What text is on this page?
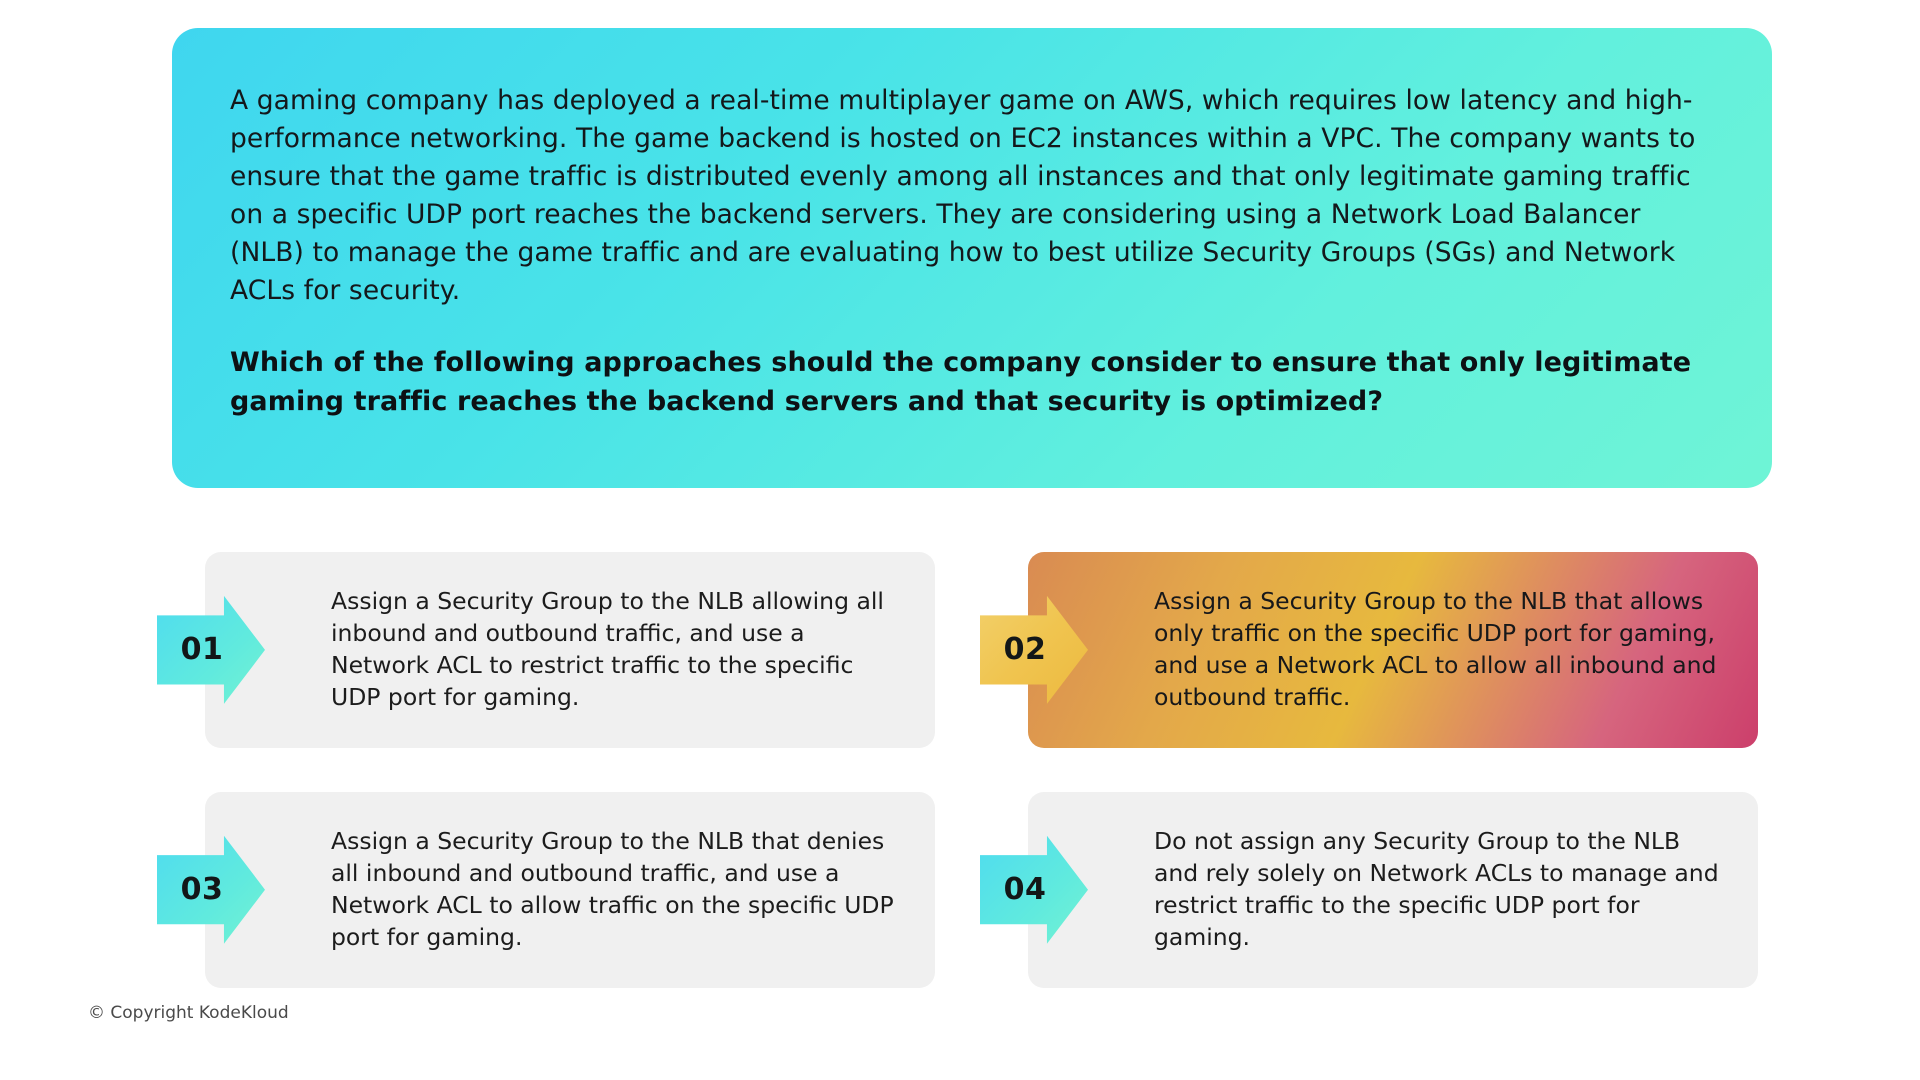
A gaming company has deployed a real-time multiplayer game on AWS, which requires low latency and high-performance networking. The game backend is hosted on EC2 instances within a VPC. The company wants to ensure that the game traffic is distributed evenly among all instances and that only legitimate gaming traffic on a specific UDP port reaches the backend servers. They are considering using a Network Load Balancer (NLB) to manage the game traffic and are evaluating how to best utilize Security Groups (SGs) and Network ACLs for security.
Which of the following approaches should the company consider to ensure that only legitimate gaming traffic reaches the backend servers and that security is optimized?
01
Assign a Security Group to the NLB allowing all inbound and outbound traffic, and use a Network ACL to restrict traffic to the specific UDP port for gaming.
02
Assign a Security Group to the NLB that allows only traffic on the specific UDP port for gaming, and use a Network ACL to allow all inbound and outbound traffic.
03
Assign a Security Group to the NLB that denies all inbound and outbound traffic, and use a Network ACL to allow traffic on the specific UDP port for gaming.
04
Do not assign any Security Group to the NLB and rely solely on Network ACLs to manage and restrict traffic to the specific UDP port for gaming.
© Copyright KodeKloud
